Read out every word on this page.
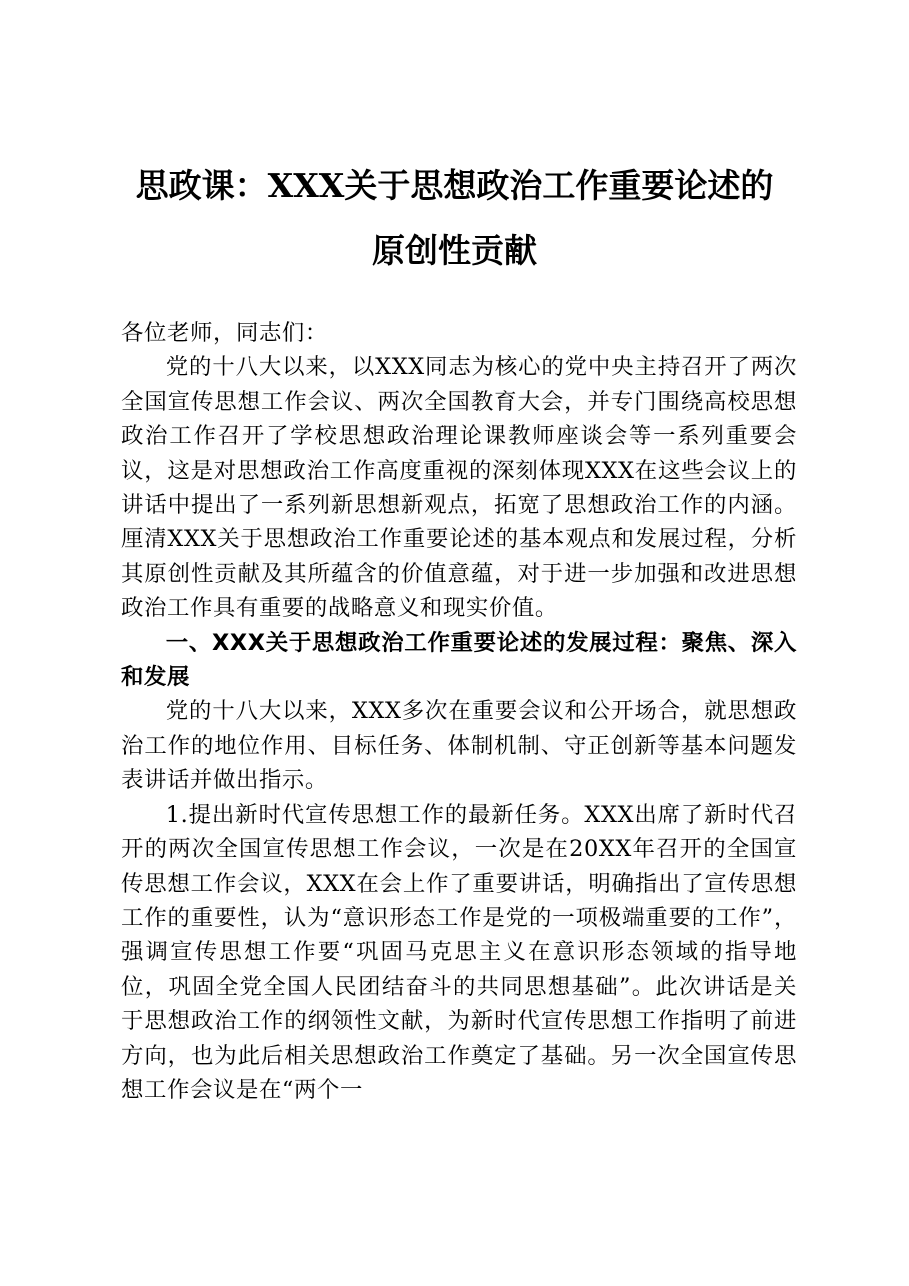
思政课：XXX关于思想政治工作重要论述的
原创性贡献

各位老师，同志们：

党的十八大以来，以XXX同志为核心的党中央主持召开了两次全国宣传思想工作会议、两次全国教育大会，并专门围绕高校思想政治工作召开了学校思想政治理论课教师座谈会等一系列重要会议，这是对思想政治工作高度重视的深刻体现XXX在这些会议上的讲话中提出了一系列新思想新观点，拓宽了思想政治工作的内涵。厘清XXX关于思想政治工作重要论述的基本观点和发展过程，分析其原创性贡献及其所蕴含的价值意蕴，对于进一步加强和改进思想政治工作具有重要的战略意义和现实价值。

一、XXX关于思想政治工作重要论述的发展过程：聚焦、深入和发展

党的十八大以来，XXX多次在重要会议和公开场合，就思想政治工作的地位作用、目标任务、体制机制、守正创新等基本问题发表讲话并做出指示。

1.提出新时代宣传思想工作的最新任务。XXX出席了新时代召开的两次全国宣传思想工作会议，一次是在20XX年召开的全国宣传思想工作会议，XXX在会上作了重要讲话，明确指出了宣传思想工作的重要性，认为“意识形态工作是党的一项极端重要的工作”，强调宣传思想工作要“巩固马克思主义在意识形态领域的指导地位，巩固全党全国人民团结奋斗的共同思想基础”。此次讲话是关于思想政治工作的纲领性文献，为新时代宣传思想工作指明了前进方向，也为此后相关思想政治工作奠定了基础。另一次全国宣传思想工作会议是在“两个一
